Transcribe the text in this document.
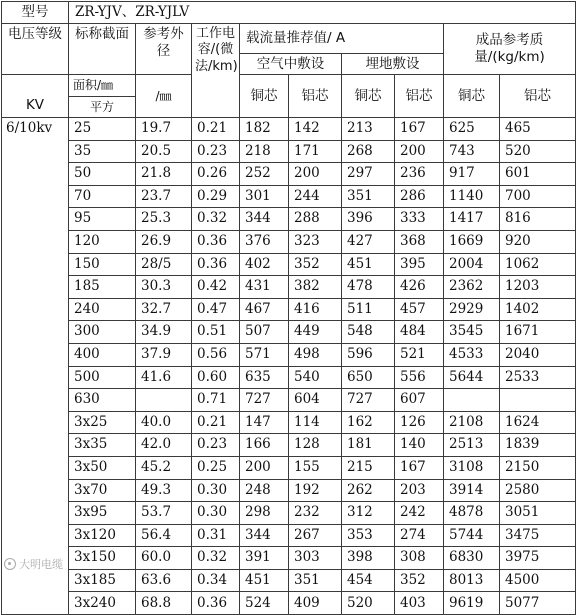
型号	ZR-YJV、ZR-YJLV								
电压等级	标称截面	参考外径	工作电容/(微法/km)	载流量推荐值/ A				成品参考质量/(kg/km)	
				空气中敷设		埋地敷设			
KV	面积/㎜	/㎜		铜芯	铝芯	铜芯	铝芯	铜芯	铝芯
	平方								
6/10kv	25	19.7	0.21	182	142	213	167	625	465
	35	20.5	0.23	218	171	268	200	743	520
	50	21.8	0.26	252	200	297	236	917	601
	70	23.7	0.29	301	244	351	286	1140	700
	95	25.3	0.32	344	288	396	333	1417	816
	120	26.9	0.36	376	323	427	368	1669	920
	150	28/5	0.36	402	352	451	395	2004	1062
	185	30.3	0.42	431	382	478	426	2362	1203
	240	32.7	0.47	467	416	511	457	2929	1402
	300	34.9	0.51	507	449	548	484	3545	1671
	400	37.9	0.56	571	498	596	521	4533	2040
	500	41.6	0.60	635	540	650	556	5644	2533
	630		0.71	727	604	727	607		
	3x25	40.0	0.21	147	114	162	126	2108	1624
	3x35	42.0	0.23	166	128	181	140	2513	1839
	3x50	45.2	0.25	200	155	215	167	3108	2150
	3x70	49.3	0.30	248	192	262	203	3914	2580
	3x95	53.7	0.30	298	232	312	242	4878	3051
	3x120	56.4	0.31	344	267	353	274	5744	3475
	3x150	60.0	0.32	391	303	398	308	6830	3975
	3x185	63.6	0.34	451	351	454	352	8013	4500
	3x240	68.8	0.36	524	409	520	403	9619	5077
大明电缆
